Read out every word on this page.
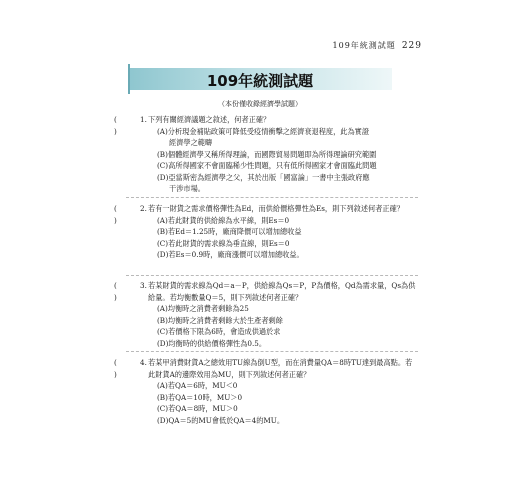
109年統測試題 229
109年統測試題
（本份僅收錄經濟學試題）
( )
1. 下列有關經濟議題之敘述，何者正確？
(A)分析現金補貼政策可降低受疫情衝擊之經濟衰退程度，此為實證
經濟學之範疇
(B)個體經濟學又稱所得理論，而國際貿易問題即為所得理論研究範圍
(C)高所得國家不會面臨稀少性問題，只有低所得國家才會面臨此問題
(D)亞當斯密為經濟學之父，其於出版「國富論」一書中主張政府應
干涉市場。
( )
2. 若有一財貨之需求價格彈性為Ed，而供給價格彈性為Es，則下列敘述何者正確？
(A)若此財貨的供給線為水平線，則Es＝0
(B)若Ed＝1.25時，廠商降價可以增加總收益
(C)若此財貨的需求線為垂直線，則Es＝0
(D)若Es＝0.9時，廠商漲價可以增加總收益。
( )
3. 若某財貨的需求線為Qd＝a－P，供給線為Qs＝P，P為價格，Qd為需求量，Qs為供給量。若均衡數量Q＝5，則下列敘述何者正確？
(A)均衡時之消費者剩餘為25
(B)均衡時之消費者剩餘大於生產者剩餘
(C)若價格下限為6時，會造成供過於求
(D)均衡時的供給價格彈性為0.5。
( )
4. 若某甲消費財貨A之總效用TU線為倒U型，而在消費量QA＝8時TU達到最高點。若此財貨A的邊際效用為MU，則下列敘述何者正確？
(A)若QA＝6時，MU＜0
(B)若QA＝10時，MU＞0
(C)若QA＝8時，MU＞0
(D)QA＝5的MU會低於QA＝4的MU。
